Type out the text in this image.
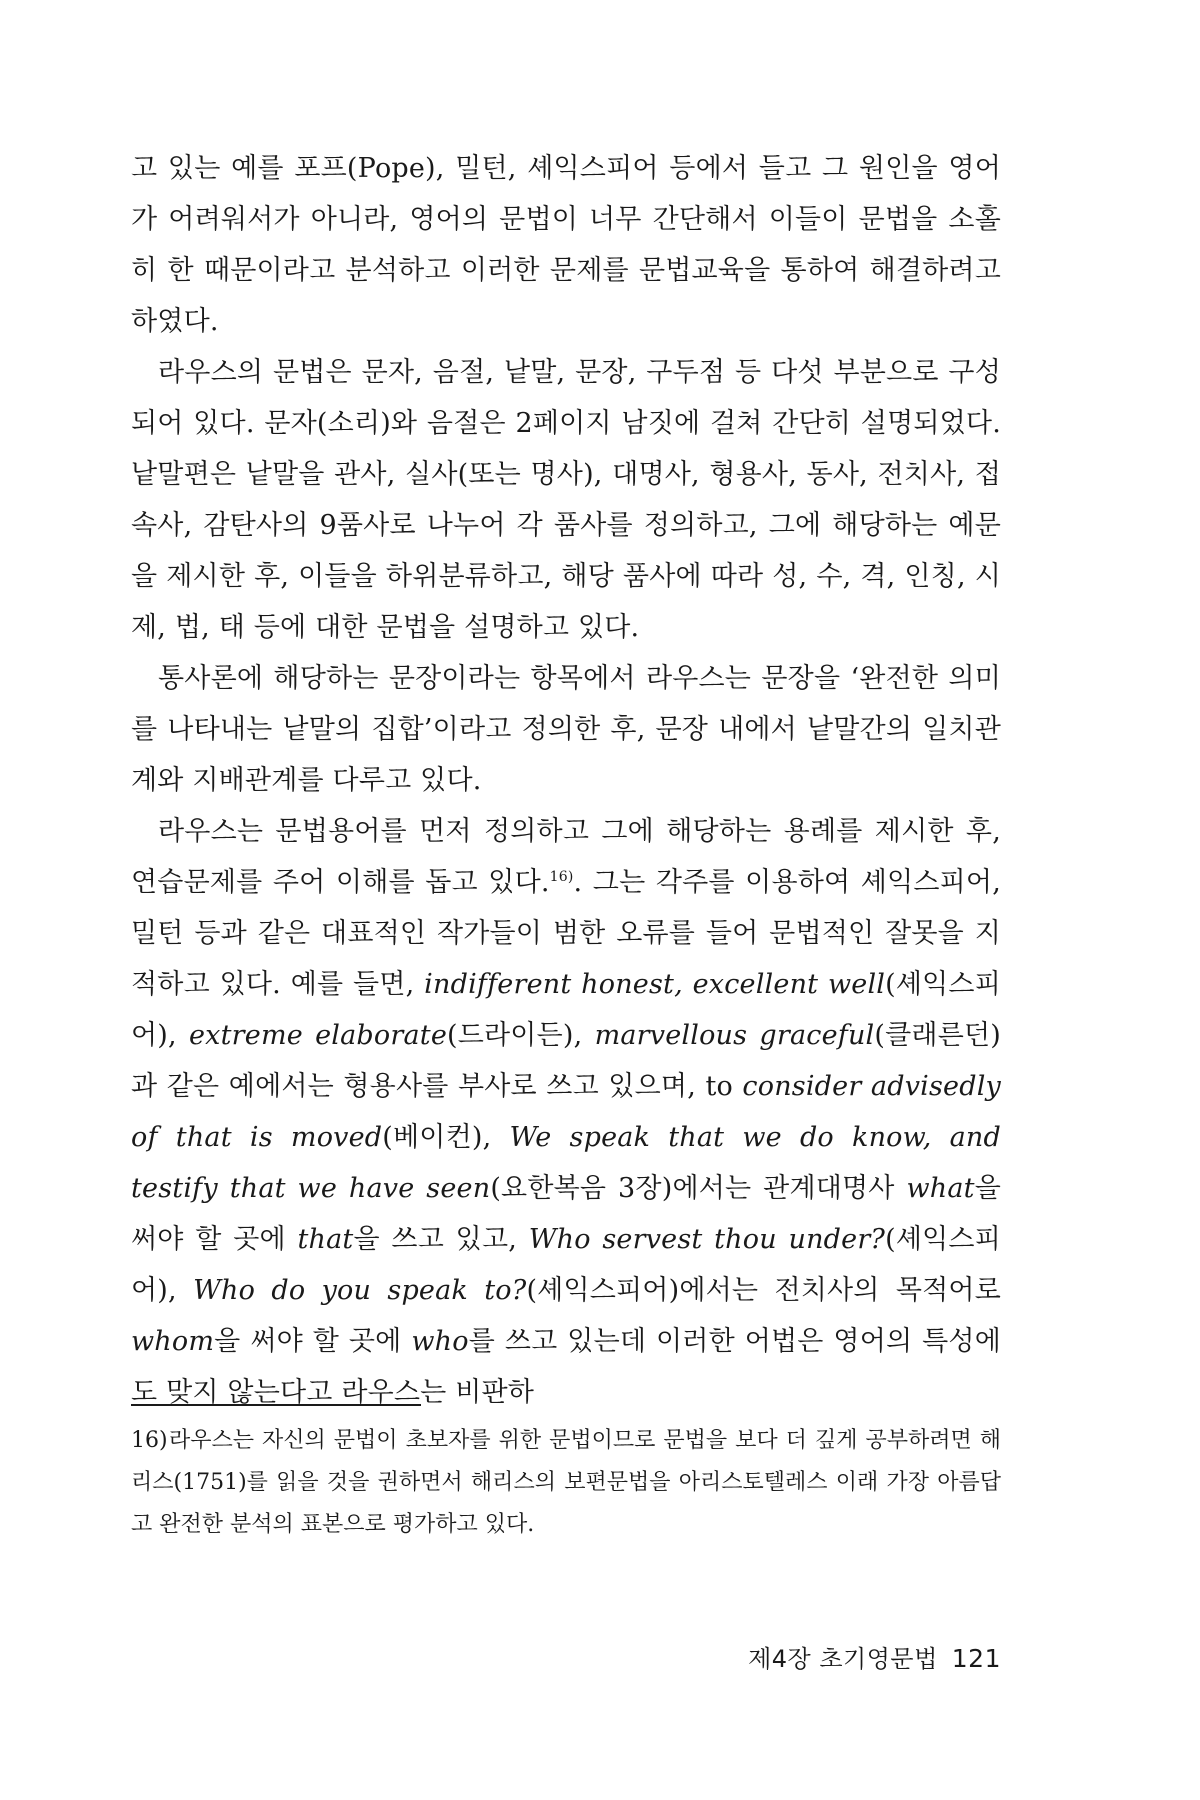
고 있는 예를 포프(Pope), 밀턴, 셰익스피어 등에서 들고 그 원인을 영어가 어려워서가 아니라, 영어의 문법이 너무 간단해서 이들이 문법을 소홀히 한 때문이라고 분석하고 이러한 문제를 문법교육을 통하여 해결하려고 하였다.

라우스의 문법은 문자, 음절, 낱말, 문장, 구두점 등 다섯 부분으로 구성되어 있다. 문자(소리)와 음절은 2페이지 남짓에 걸쳐 간단히 설명되었다. 낱말편은 낱말을 관사, 실사(또는 명사), 대명사, 형용사, 동사, 전치사, 접속사, 감탄사의 9품사로 나누어 각 품사를 정의하고, 그에 해당하는 예문을 제시한 후, 이들을 하위분류하고, 해당 품사에 따라 성, 수, 격, 인칭, 시제, 법, 태 등에 대한 문법을 설명하고 있다.

통사론에 해당하는 문장이라는 항목에서 라우스는 문장을 ‘완전한 의미를 나타내는 낱말의 집합’이라고 정의한 후, 문장 내에서 낱말간의 일치관계와 지배관계를 다루고 있다.

라우스는 문법용어를 먼저 정의하고 그에 해당하는 용례를 제시한 후, 연습문제를 주어 이해를 돕고 있다.$^{16)}$. 그는 각주를 이용하여 셰익스피어, 밀턴 등과 같은 대표적인 작가들이 범한 오류를 들어 문법적인 잘못을 지적하고 있다. 예를 들면, indifferent honest, excellent well(셰익스피어), extreme elaborate(드라이든), marvellous graceful(클래른던)과 같은 예에서는 형용사를 부사로 쓰고 있으며, to consider advisedly of that is moved(베이컨), We speak that we do know, and testify that we have seen(요한복음 3장)에서는 관계대명사 what을 써야 할 곳에 that을 쓰고 있고, Who servest thou under?(셰익스피어), Who do you speak to?(셰익스피어)에서는 전치사의 목적어로 whom을 써야 할 곳에 who를 쓰고 있는데 이러한 어법은 영어의 특성에도 맞지 않는다고 라우스는 비판하

16)라우스는 자신의 문법이 초보자를 위한 문법이므로 문법을 보다 더 깊게 공부하려면 해리스(1751)를 읽을 것을 권하면서 해리스의 보편문법을 아리스토텔레스 이래 가장 아름답고 완전한 분석의 표본으로 평가하고 있다.
제4장 초기영문법 121
